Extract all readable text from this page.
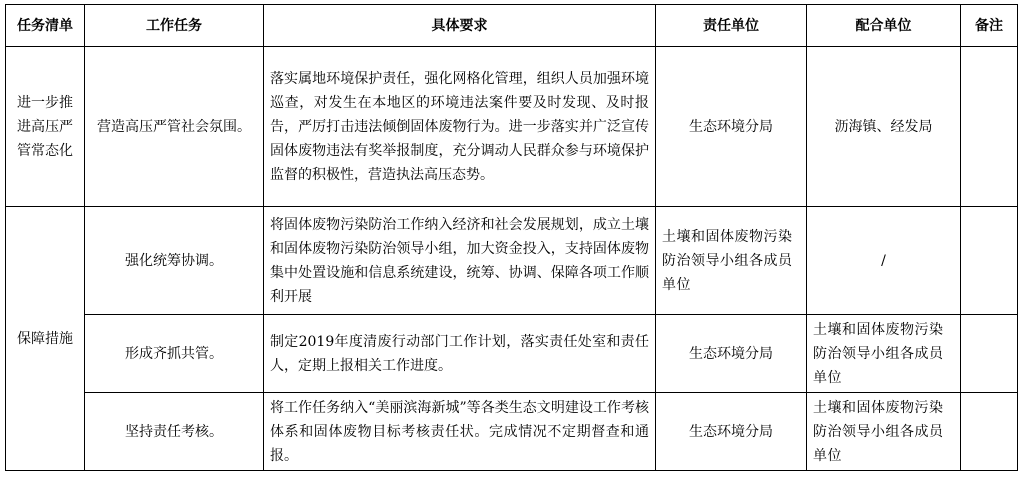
任务清单	工作任务	具体要求	责任单位	配合单位	备注
进一步推进高压严管常态化	营造高压严管社会氛围。	落实属地环境保护责任，强化网格化管理，组织人员加强环境巡查，对发生在本地区的环境违法案件要及时发现、及时报告，严厉打击违法倾倒固体废物行为。进一步落实并广泛宣传固体废物违法有奖举报制度，充分调动人民群众参与环境保护监督的积极性，营造执法高压态势。	生态环境分局	沥海镇、经发局	
保障措施	强化统筹协调。	将固体废物污染防治工作纳入经济和社会发展规划，成立土壤和固体废物污染防治领导小组，加大资金投入，支持固体废物集中处置设施和信息系统建设，统筹、协调、保障各项工作顺利开展	土壤和固体废物污染防治领导小组各成员单位	/	
	形成齐抓共管。	制定2019年度清废行动部门工作计划，落实责任处室和责任人，定期上报相关工作进度。	生态环境分局	土壤和固体废物污染防治领导小组各成员单位	
	坚持责任考核。	将工作任务纳入“美丽滨海新城”等各类生态文明建设工作考核体系和固体废物目标考核责任状。完成情况不定期督查和通报。	生态环境分局	土壤和固体废物污染防治领导小组各成员单位	
